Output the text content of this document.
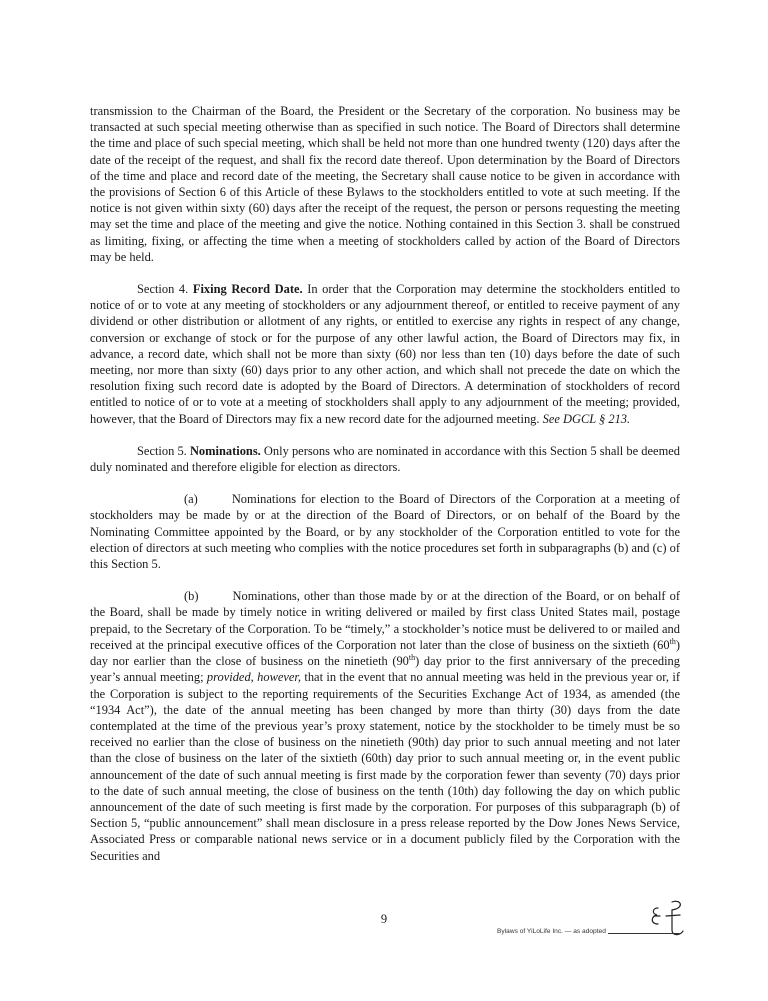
transmission to the Chairman of the Board, the President or the Secretary of the corporation. No business may be transacted at such special meeting otherwise than as specified in such notice. The Board of Directors shall determine the time and place of such special meeting, which shall be held not more than one hundred twenty (120) days after the date of the receipt of the request, and shall fix the record date thereof. Upon determination by the Board of Directors of the time and place and record date of the meeting, the Secretary shall cause notice to be given in accordance with the provisions of Section 6 of this Article of these Bylaws to the stockholders entitled to vote at such meeting. If the notice is not given within sixty (60) days after the receipt of the request, the person or persons requesting the meeting may set the time and place of the meeting and give the notice. Nothing contained in this Section 3. shall be construed as limiting, fixing, or affecting the time when a meeting of stockholders called by action of the Board of Directors may be held.

Section 4. Fixing Record Date. In order that the Corporation may determine the stockholders entitled to notice of or to vote at any meeting of stockholders or any adjournment thereof, or entitled to receive payment of any dividend or other distribution or allotment of any rights, or entitled to exercise any rights in respect of any change, conversion or exchange of stock or for the purpose of any other lawful action, the Board of Directors may fix, in advance, a record date, which shall not be more than sixty (60) nor less than ten (10) days before the date of such meeting, nor more than sixty (60) days prior to any other action, and which shall not precede the date on which the resolution fixing such record date is adopted by the Board of Directors. A determination of stockholders of record entitled to notice of or to vote at a meeting of stockholders shall apply to any adjournment of the meeting; provided, however, that the Board of Directors may fix a new record date for the adjourned meeting. See DGCL § 213.

Section 5. Nominations. Only persons who are nominated in accordance with this Section 5 shall be deemed duly nominated and therefore eligible for election as directors.

(a)	Nominations for election to the Board of Directors of the Corporation at a meeting of stockholders may be made by or at the direction of the Board of Directors, or on behalf of the Board by the Nominating Committee appointed by the Board, or by any stockholder of the Corporation entitled to vote for the election of directors at such meeting who complies with the notice procedures set forth in subparagraphs (b) and (c) of this Section 5.

(b)	Nominations, other than those made by or at the direction of the Board, or on behalf of the Board, shall be made by timely notice in writing delivered or mailed by first class United States mail, postage prepaid, to the Secretary of the Corporation. To be “timely,” a stockholder’s notice must be delivered to or mailed and received at the principal executive offices of the Corporation not later than the close of business on the sixtieth (60th) day nor earlier than the close of business on the ninetieth (90th) day prior to the first anniversary of the preceding year’s annual meeting; provided, however, that in the event that no annual meeting was held in the previous year or, if the Corporation is subject to the reporting requirements of the Securities Exchange Act of 1934, as amended (the “1934 Act”), the date of the annual meeting has been changed by more than thirty (30) days from the date contemplated at the time of the previous year’s proxy statement, notice by the stockholder to be timely must be so received no earlier than the close of business on the ninetieth (90th) day prior to such annual meeting and not later than the close of business on the later of the sixtieth (60th) day prior to such annual meeting or, in the event public announcement of the date of such annual meeting is first made by the corporation fewer than seventy (70) days prior to the date of such annual meeting, the close of business on the tenth (10th) day following the day on which public announcement of the date of such meeting is first made by the corporation. For purposes of this subparagraph (b) of Section 5, “public announcement” shall mean disclosure in a press release reported by the Dow Jones News Service, Associated Press or comparable national news service or in a document publicly filed by the Corporation with the Securities and

9
Bylaws of YiLoLife Inc. — as adopted
